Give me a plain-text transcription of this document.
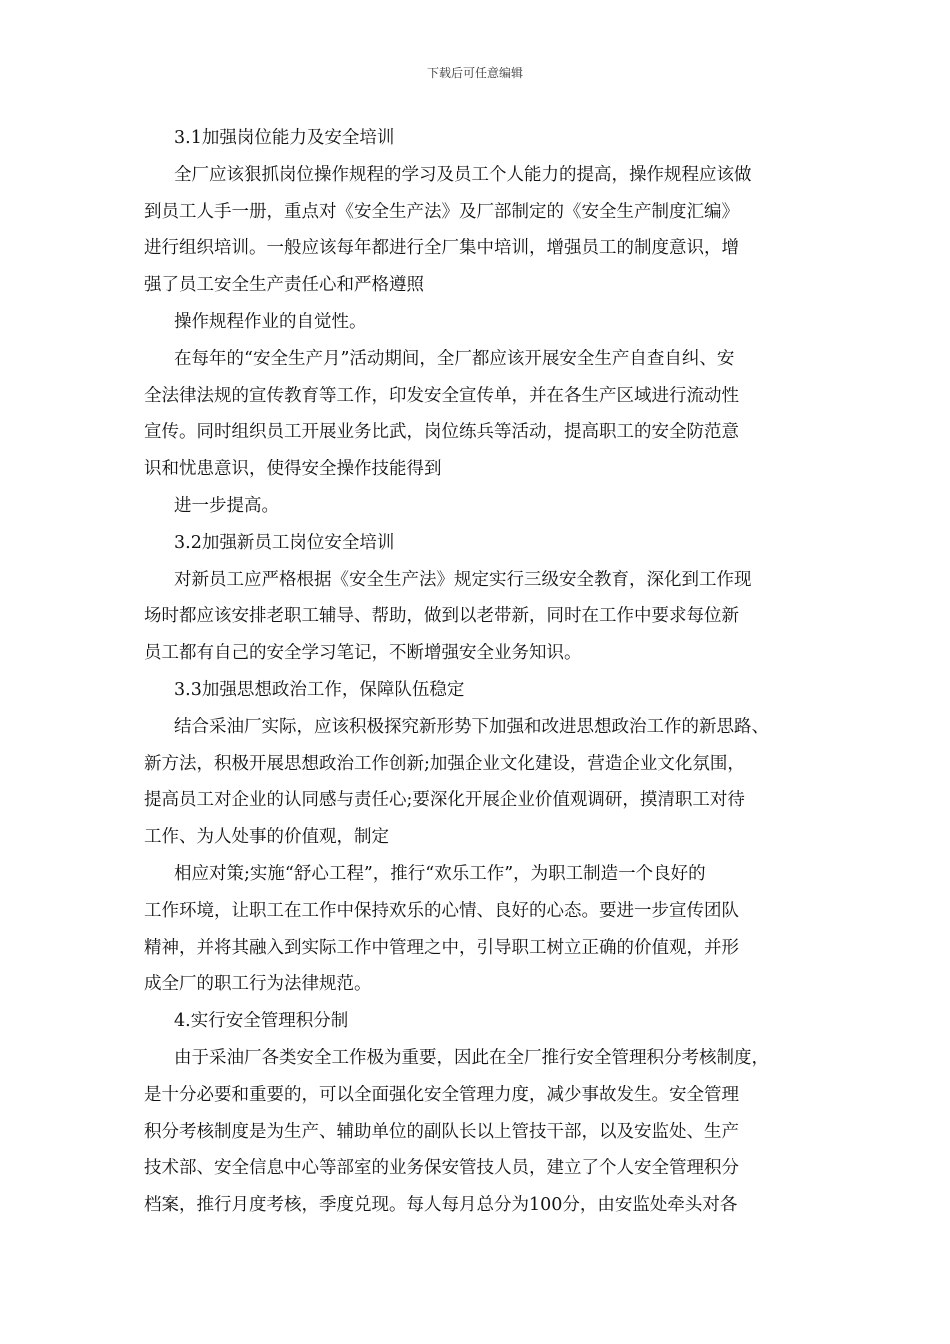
下载后可任意编辑
3.1加强岗位能力及安全培训
全厂应该狠抓岗位操作规程的学习及员工个人能力的提高，操作规程应该做
到员工人手一册，重点对《安全生产法》及厂部制定的《安全生产制度汇编》
进行组织培训。一般应该每年都进行全厂集中培训，增强员工的制度意识，增
强了员工安全生产责任心和严格遵照
操作规程作业的自觉性。
在每年的“安全生产月”活动期间，全厂都应该开展安全生产自查自纠、安
全法律法规的宣传教育等工作，印发安全宣传单，并在各生产区域进行流动性
宣传。同时组织员工开展业务比武，岗位练兵等活动，提高职工的安全防范意
识和忧患意识，使得安全操作技能得到
进一步提高。
3.2加强新员工岗位安全培训
对新员工应严格根据《安全生产法》规定实行三级安全教育，深化到工作现
场时都应该安排老职工辅导、帮助，做到以老带新，同时在工作中要求每位新
员工都有自己的安全学习笔记，不断增强安全业务知识。
3.3加强思想政治工作，保障队伍稳定
结合采油厂实际，应该积极探究新形势下加强和改进思想政治工作的新思路、
新方法，积极开展思想政治工作创新;加强企业文化建设，营造企业文化氛围，
提高员工对企业的认同感与责任心;要深化开展企业价值观调研，摸清职工对待
工作、为人处事的价值观，制定
相应对策;实施“舒心工程”，推行“欢乐工作”，为职工制造一个良好的
工作环境，让职工在工作中保持欢乐的心情、良好的心态。要进一步宣传团队
精神，并将其融入到实际工作中管理之中，引导职工树立正确的价值观，并形
成全厂的职工行为法律规范。
4.实行安全管理积分制
由于采油厂各类安全工作极为重要，因此在全厂推行安全管理积分考核制度，
是十分必要和重要的，可以全面强化安全管理力度，减少事故发生。安全管理
积分考核制度是为生产、辅助单位的副队长以上管技干部，以及安监处、生产
技术部、安全信息中心等部室的业务保安管技人员，建立了个人安全管理积分
档案，推行月度考核，季度兑现。每人每月总分为100分，由安监处牵头对各
